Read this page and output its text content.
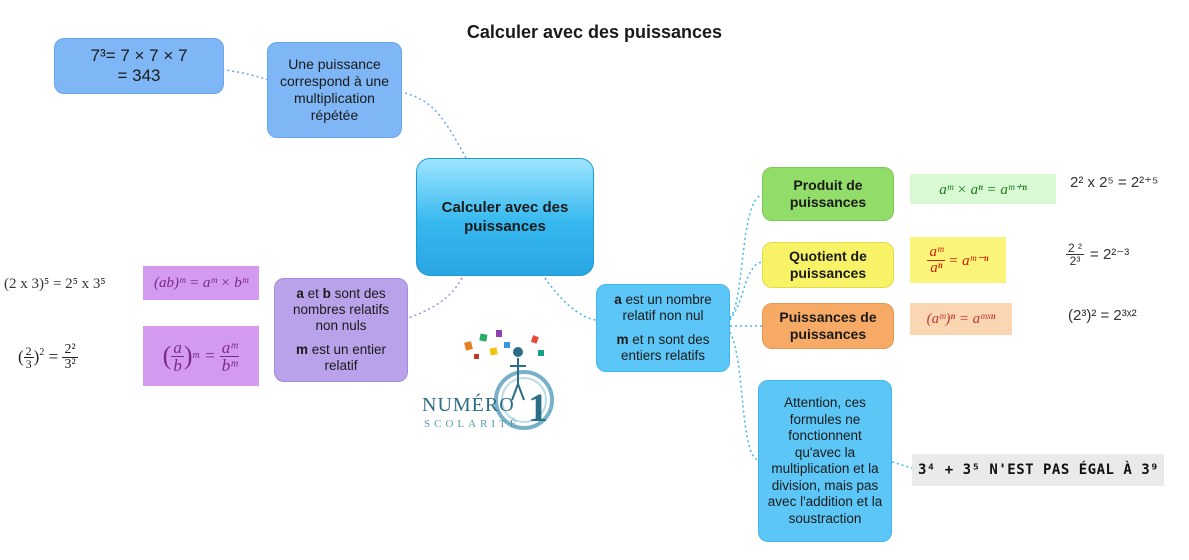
Calculer avec des puissances
7³= 7 × 7 × 7
= 343
Une puissance correspond à une multiplication répétée
Calculer avec des puissances
a et b sont des nombres relatifs non nuls
m est un entier relatif
(2 x 3)⁵ = 2⁵ x 3⁵	(ab)ᵐ = aᵐ × bᵐ
( $\frac{2}{3} )^2 = \frac{\text{2²}}{\text{3²}}$	( $\frac{a}{b}$ ) $m = \frac{\text{aᵐ}}{\text{bᵐ}}$
a est un nombre relatif non nul
m et n sont des entiers relatifs
Produit de puissances
aᵐ × aⁿ = aᵐ⁺ⁿ	2² x 2⁵ = 2²⁺⁵
Quotient de puissances	$\frac{\text{aᵐ}}{\text{aⁿ}}$ = aᵐ⁻ⁿ	$\frac{\text{2 ²}}{\text{2³}} = 2^{2-3}$
Puissances de puissances
(aᵐ)ⁿ = aᵐˣⁿ	(2³)² = 2³ˣ²
Attention, ces formules ne fonctionnent qu'avec la multiplication et la division, mais pas avec l'addition et la soustraction
3⁴ + 3⁵ N'EST PAS ÉGAL À 3⁹
NUMÉRO 1
SCOLARITÉ
